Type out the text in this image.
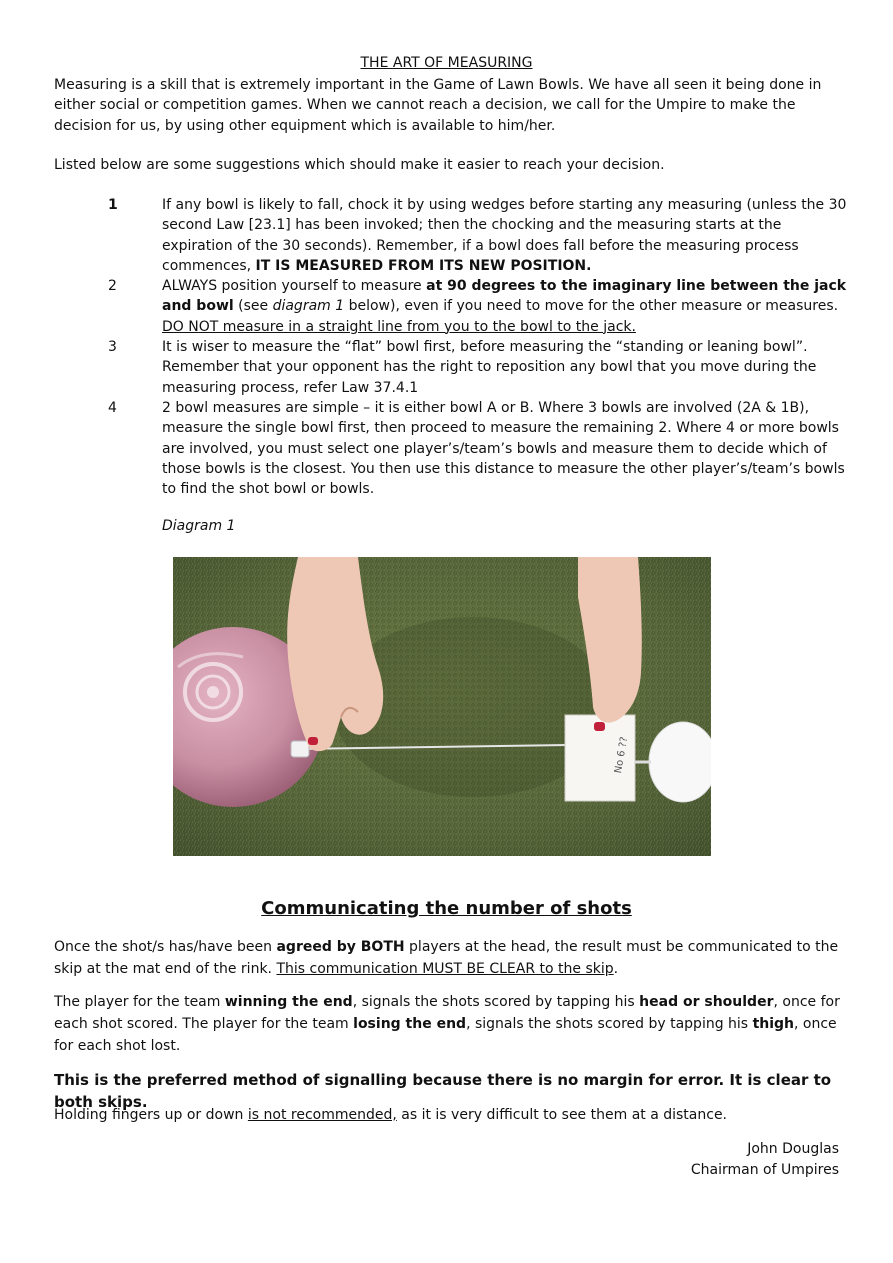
THE ART OF MEASURING
Measuring is a skill that is extremely important in the Game of Lawn Bowls. We have all seen it being done in either social or competition games. When we cannot reach a decision, we call for the Umpire to make the decision for us, by using other equipment which is available to him/her.
Listed below are some suggestions which should make it easier to reach your decision.
1	If any bowl is likely to fall, chock it by using wedges before starting any measuring (unless the 30 second Law [23.1] has been invoked; then the chocking and the measuring starts at the expiration of the 30 seconds). Remember, if a bowl does fall before the measuring process commences, IT IS MEASURED FROM ITS NEW POSITION.
2	ALWAYS position yourself to measure at 90 degrees to the imaginary line between the jack and bowl (see diagram 1 below), even if you need to move for the other measure or measures. DO NOT measure in a straight line from you to the bowl to the jack.
3	It is wiser to measure the “flat” bowl first, before measuring the “standing or leaning bowl”. Remember that your opponent has the right to reposition any bowl that you move during the measuring process, refer Law 37.4.1
4	2 bowl measures are simple – it is either bowl A or B. Where 3 bowls are involved (2A & 1B), measure the single bowl first, then proceed to measure the remaining 2. Where 4 or more bowls are involved, you must select one player’s/team’s bowls and measure them to decide which of those bowls is the closest. You then use this distance to measure the other player’s/team’s bowls to find the shot bowl or bowls.
Diagram 1
No 6 ??
Communicating the number of shots
Once the shot/s has/have been agreed by BOTH players at the head, the result must be communicated to the skip at the mat end of the rink. This communication MUST BE CLEAR to the skip.
The player for the team winning the end, signals the shots scored by tapping his head or shoulder, once for each shot scored. The player for the team losing the end, signals the shots scored by tapping his thigh, once for each shot lost.
This is the preferred method of signalling because there is no margin for error. It is clear to both skips.
Holding fingers up or down is not recommended, as it is very difficult to see them at a distance.
John Douglas
Chairman of Umpires
